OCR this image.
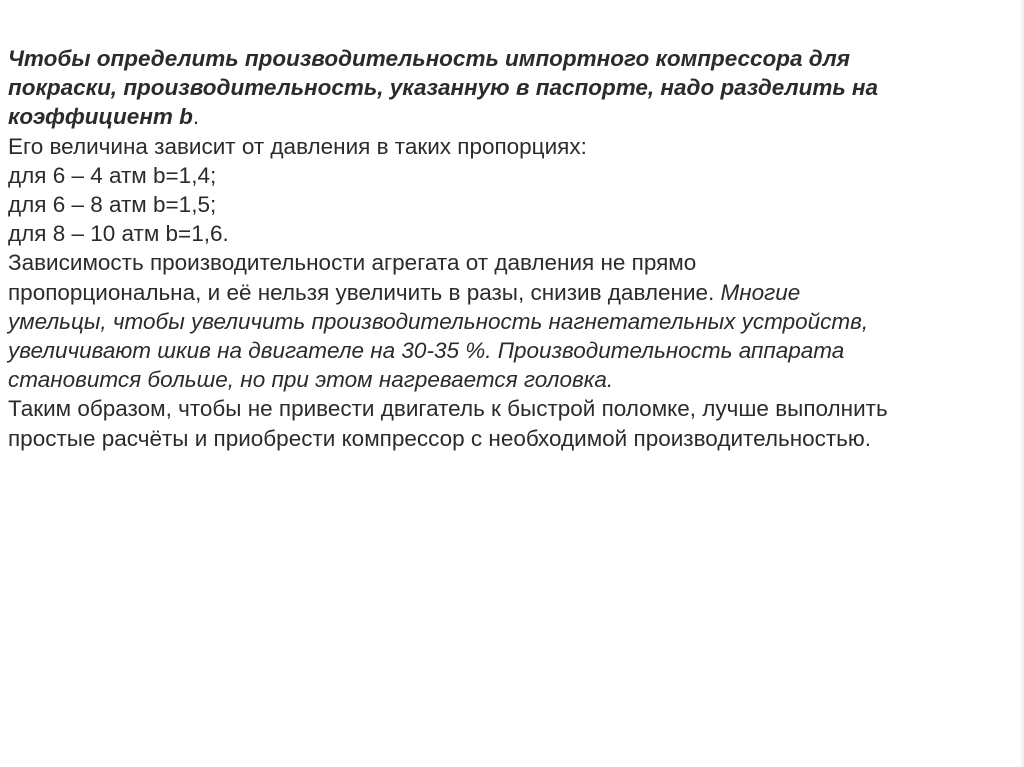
Чтобы определить производительность импортного компрессора для
покраски, производительность, указанную в паспорте, надо разделить на
коэффициент b.
Его величина зависит от давления в таких пропорциях:
для 6 – 4 атм b=1,4;
для 6 – 8 атм b=1,5;
для 8 – 10 атм b=1,6.
Зависимость производительности агрегата от давления не прямо
пропорциональна, и её нельзя увеличить в разы, снизив давление. Многие
умельцы, чтобы увеличить производительность нагнетательных устройств,
увеличивают шкив на двигателе на 30-35 %. Производительность аппарата
становится больше, но при этом нагревается головка.
Таким образом, чтобы не привести двигатель к быстрой поломке, лучше выполнить
простые расчёты и приобрести компрессор с необходимой производительностью.
